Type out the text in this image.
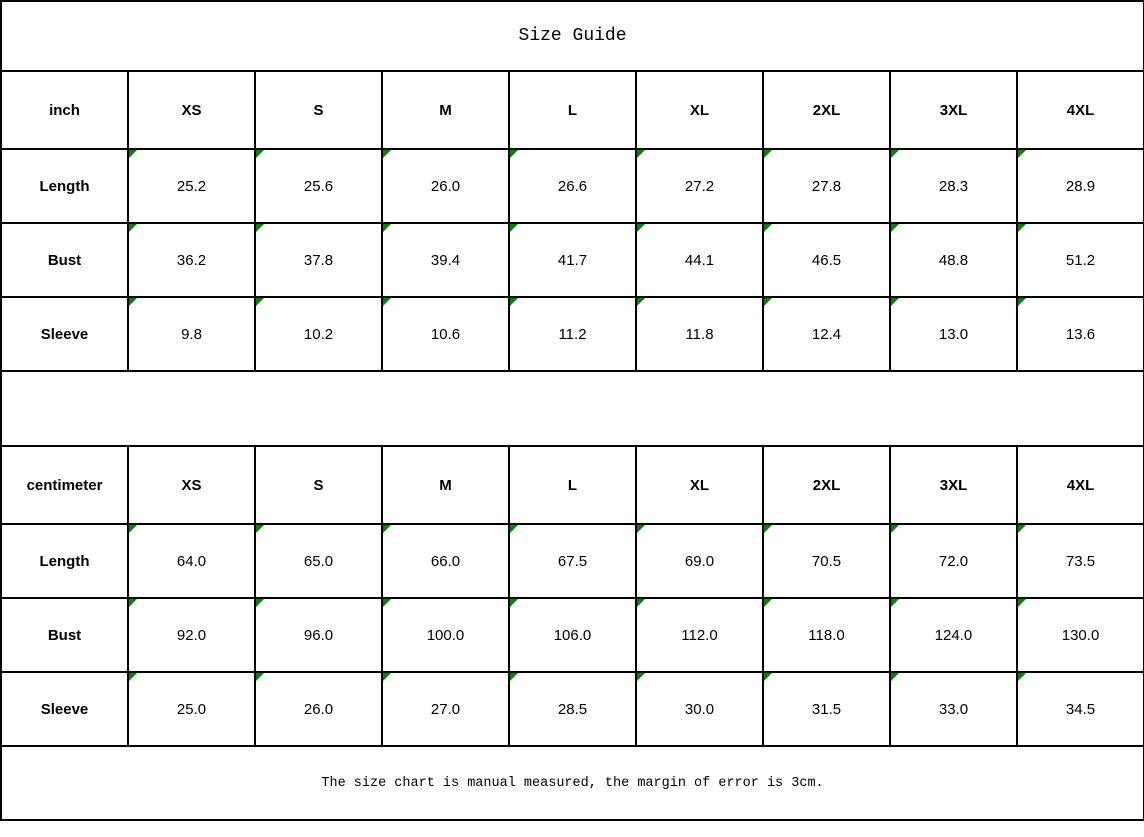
Size Guide								
inch	XS	S	M	L	XL	2XL	3XL	4XL
Length	25.2	25.6	26.0	26.6	27.2	27.8	28.3	28.9
Bust	36.2	37.8	39.4	41.7	44.1	46.5	48.8	51.2
Sleeve	9.8	10.2	10.6	11.2	11.8	12.4	13.0	13.6

centimeter	XS	S	M	L	XL	2XL	3XL	4XL
Length	64.0	65.0	66.0	67.5	69.0	70.5	72.0	73.5
Bust	92.0	96.0	100.0	106.0	112.0	118.0	124.0	130.0
Sleeve	25.0	26.0	27.0	28.5	30.0	31.5	33.0	34.5
The size chart is manual measured, the margin of error is 3cm.								
